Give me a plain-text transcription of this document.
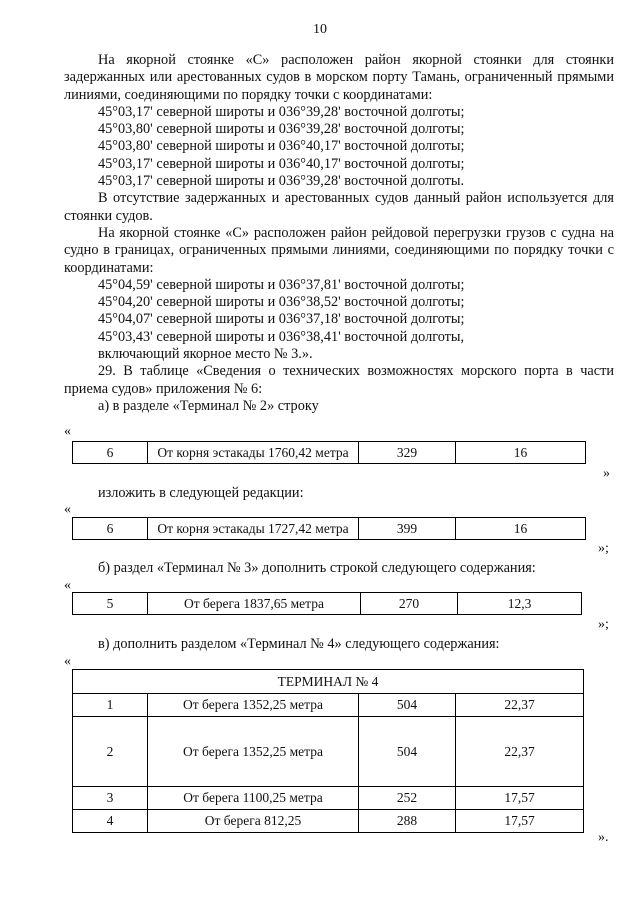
10

На якорной стоянке «С» расположен район якорной стоянки для стоянки задержанных или арестованных судов в морском порту Тамань, ограниченный прямыми линиями, соединяющими по порядку точки с координатами:

45°03,17' северной широты и 036°39,28' восточной долготы;

45°03,80' северной широты и 036°39,28' восточной долготы;

45°03,80' северной широты и 036°40,17' восточной долготы;

45°03,17' северной широты и 036°40,17' восточной долготы;

45°03,17' северной широты и 036°39,28' восточной долготы.

В отсутствие задержанных и арестованных судов данный район используется для стоянки судов.

На якорной стоянке «С» расположен район рейдовой перегрузки грузов с судна на судно в границах, ограниченных прямыми линиями, соединяющими по порядку точки с координатами:

45°04,59' северной широты и 036°37,81' восточной долготы;

45°04,20' северной широты и 036°38,52' восточной долготы;

45°04,07' северной широты и 036°37,18' восточной долготы;

45°03,43' северной широты и 036°38,41' восточной долготы,

включающий якорное место № 3.».

29. В таблице «Сведения о технических возможностях морского порта в части приема судов» приложения № 6:

а) в разделе «Терминал № 2» строку

«
6	От корня эстакады 1760,42 метра	329	16
»
изложить в следующей редакции:
«
6	От корня эстакады 1727,42 метра	399	16
»;
б) раздел «Терминал № 3» дополнить строкой следующего содержания:
«
5	От берега 1837,65 метра	270	12,3
»;
в) дополнить разделом «Терминал № 4» следующего содержания:
«
ТЕРМИНАЛ № 4			
1	От берега 1352,25 метра	504	22,37
2	От берега 1352,25 метра	504	22,37
3	От берега 1100,25 метра	252	17,57
4	От берега 812,25	288	17,57
».
